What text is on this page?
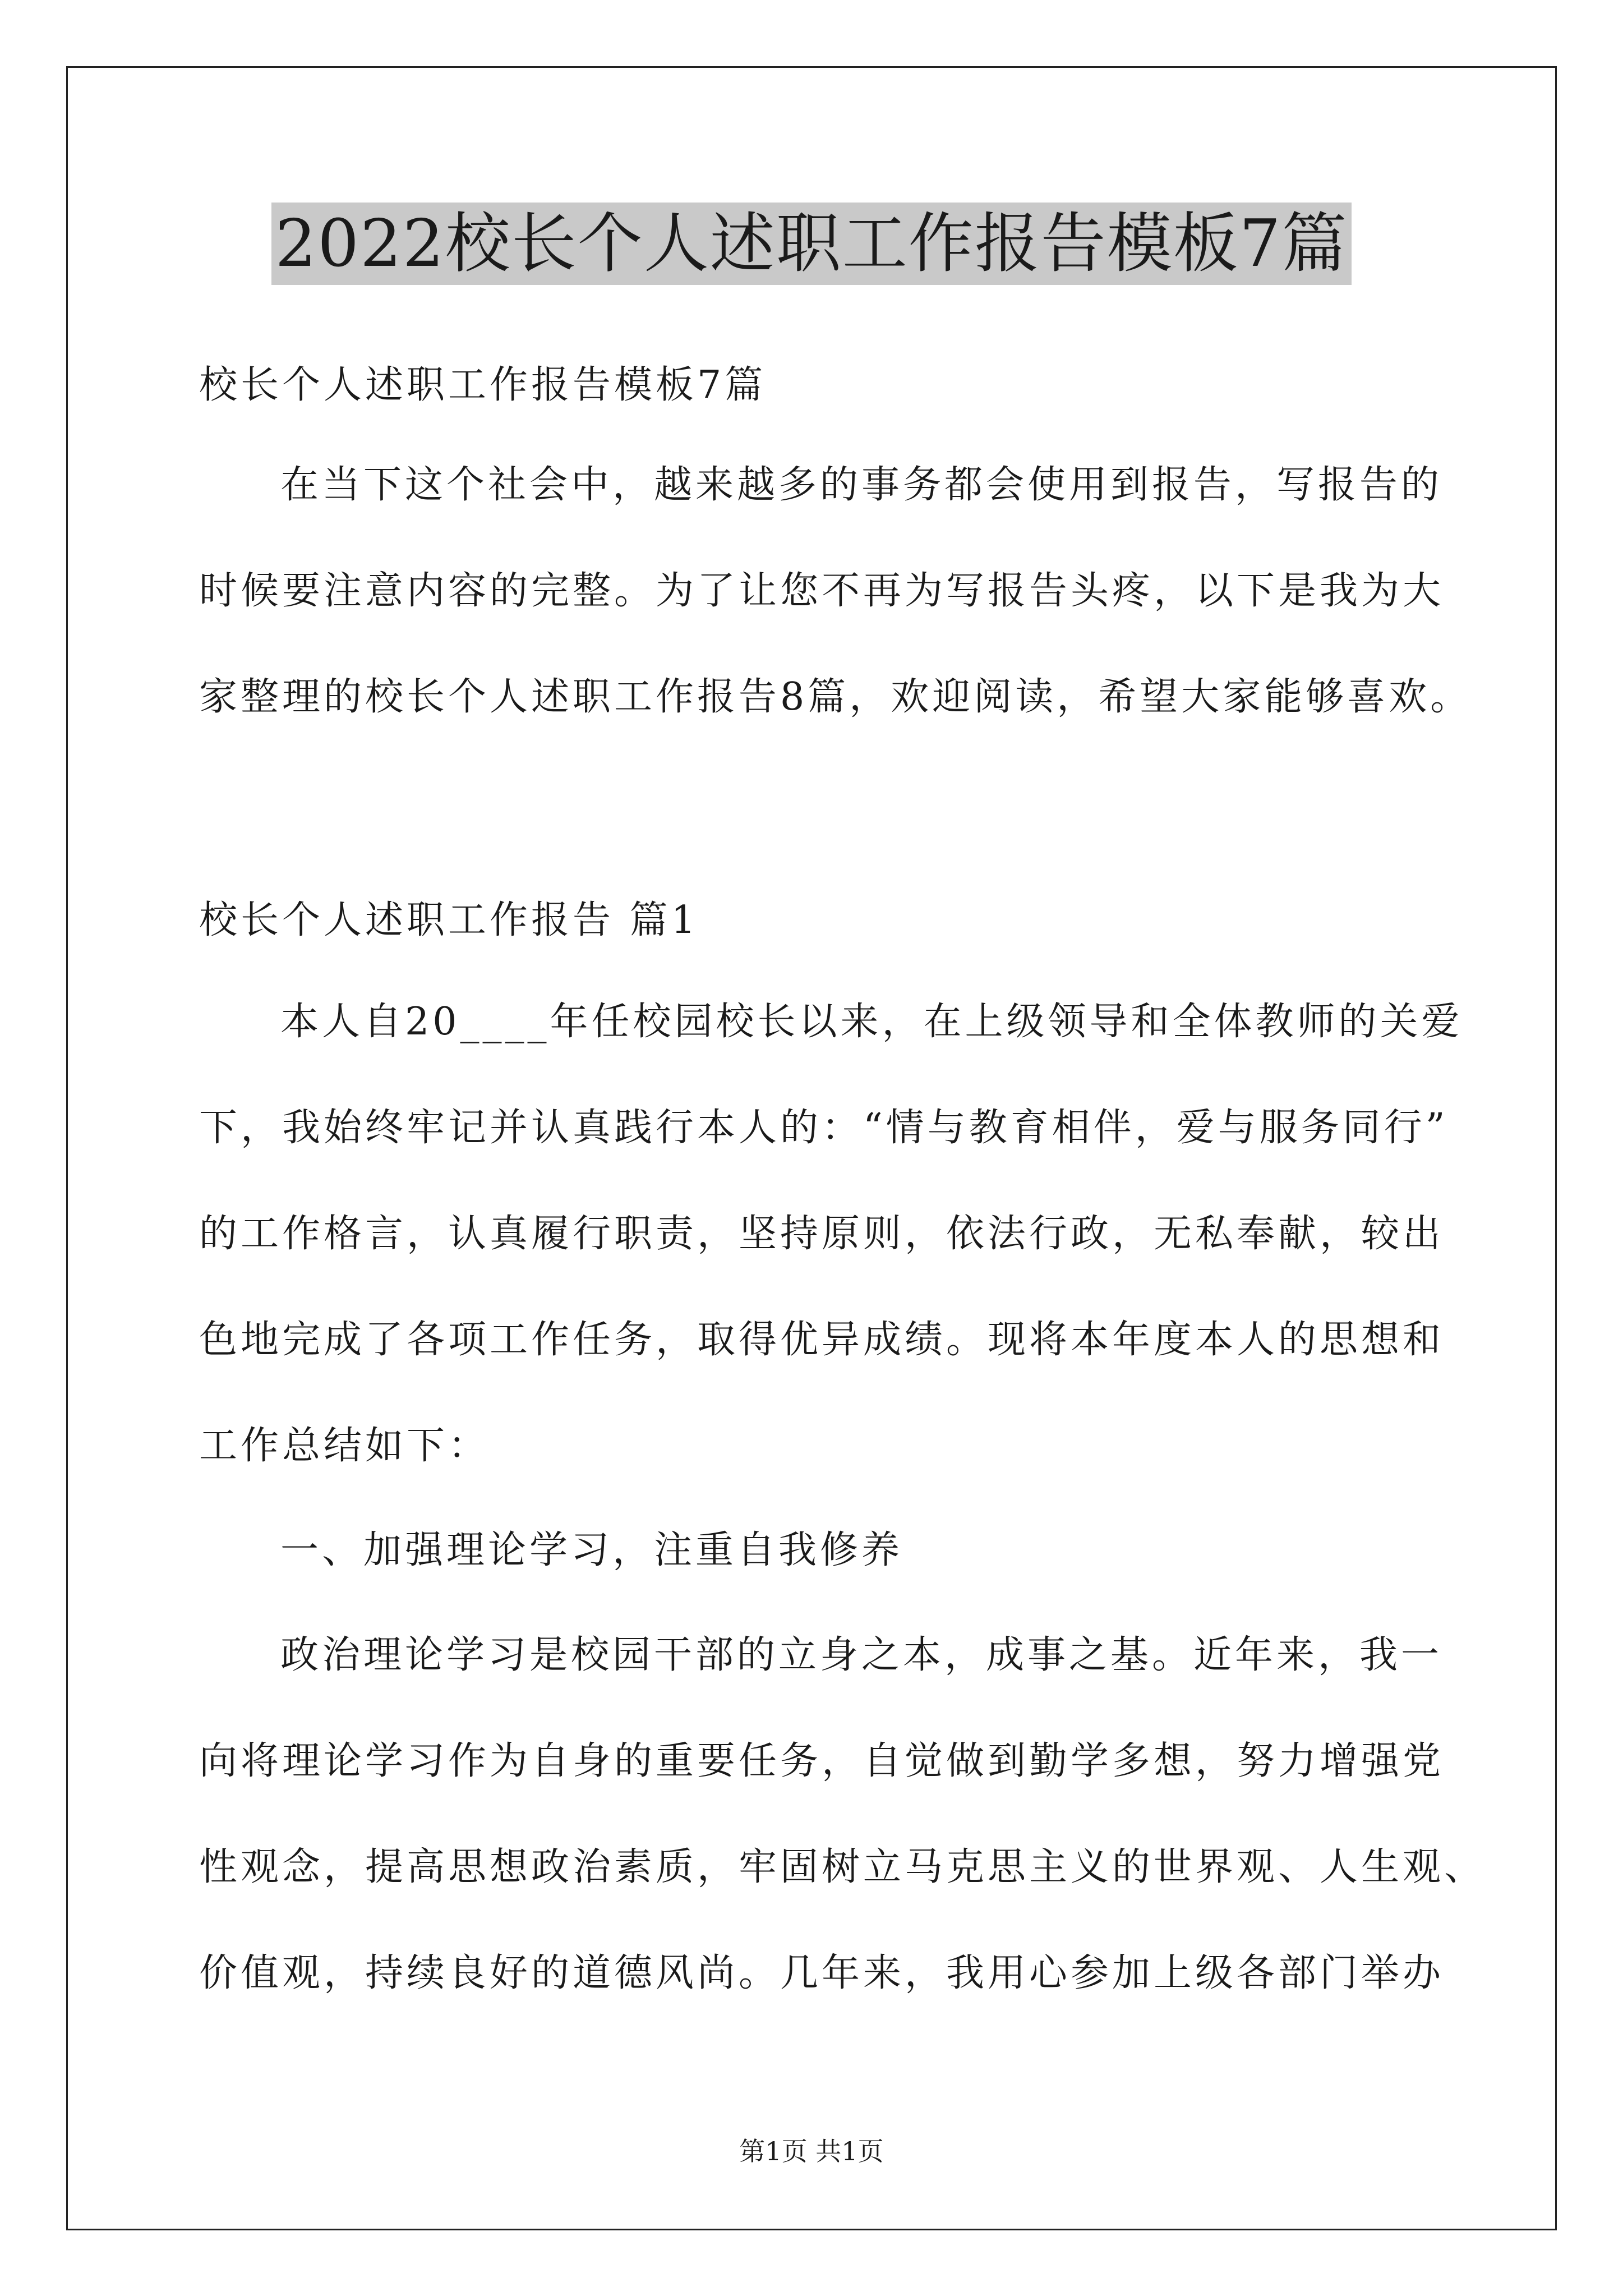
2022校长个人述职工作报告模板7篇
校长个人述职工作报告模板7篇
在当下这个社会中，越来越多的事务都会使用到报告，写报告的
时候要注意内容的完整。为了让您不再为写报告头疼，以下是我为大
家整理的校长个人述职工作报告8篇，欢迎阅读，希望大家能够喜欢。
校长个人述职工作报告 篇1
本人自20____年任校园校长以来，在上级领导和全体教师的关爱
下，我始终牢记并认真践行本人的：“情与教育相伴，爱与服务同行”
的工作格言，认真履行职责，坚持原则，依法行政，无私奉献，较出
色地完成了各项工作任务，取得优异成绩。现将本年度本人的思想和
工作总结如下：
一、加强理论学习，注重自我修养
政治理论学习是校园干部的立身之本，成事之基。近年来，我一
向将理论学习作为自身的重要任务，自觉做到勤学多想，努力增强党
性观念，提高思想政治素质，牢固树立马克思主义的世界观、人生观、
价值观，持续良好的道德风尚。几年来，我用心参加上级各部门举办
第1页 共1页
